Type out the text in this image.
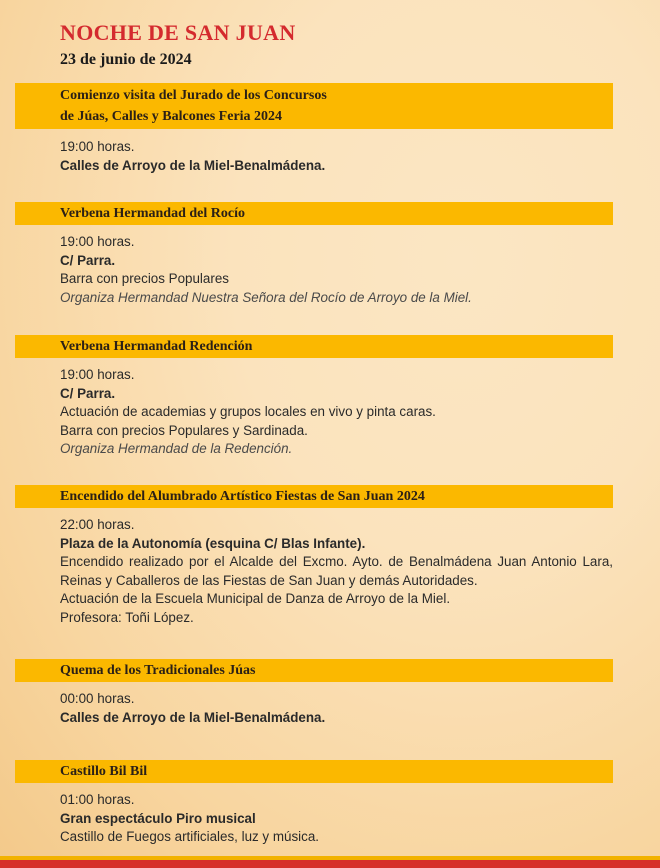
NOCHE DE SAN JUAN
23 de junio de 2024
Comienzo visita del Jurado de los Concursos
de Júas, Calles y Balcones Feria 2024
19:00 horas.
Calles de Arroyo de la Miel-Benalmádena.
Verbena Hermandad del Rocío
19:00 horas.
C/ Parra.
Barra con precios Populares
Organiza Hermandad Nuestra Señora del Rocío de Arroyo de la Miel.
Verbena Hermandad Redención
19:00 horas.
C/ Parra.
Actuación de academias y grupos locales en vivo y pinta caras.
Barra con precios Populares y Sardinada.
Organiza Hermandad de la Redención.
Encendido del Alumbrado Artístico Fiestas de San Juan 2024
22:00 horas.
Plaza de la Autonomía (esquina C/ Blas Infante).
Encendido realizado por el Alcalde del Excmo. Ayto. de Benalmádena Juan Antonio Lara, Reinas y Caballeros de las Fiestas de San Juan y demás Autoridades.
Actuación de la Escuela Municipal de Danza de Arroyo de la Miel.
Profesora: Toñi López.
Quema de los Tradicionales Júas
00:00 horas.
Calles de Arroyo de la Miel-Benalmádena.
Castillo Bil Bil
01:00 horas.
Gran espectáculo Piro musical
Castillo de Fuegos artificiales, luz y música.
